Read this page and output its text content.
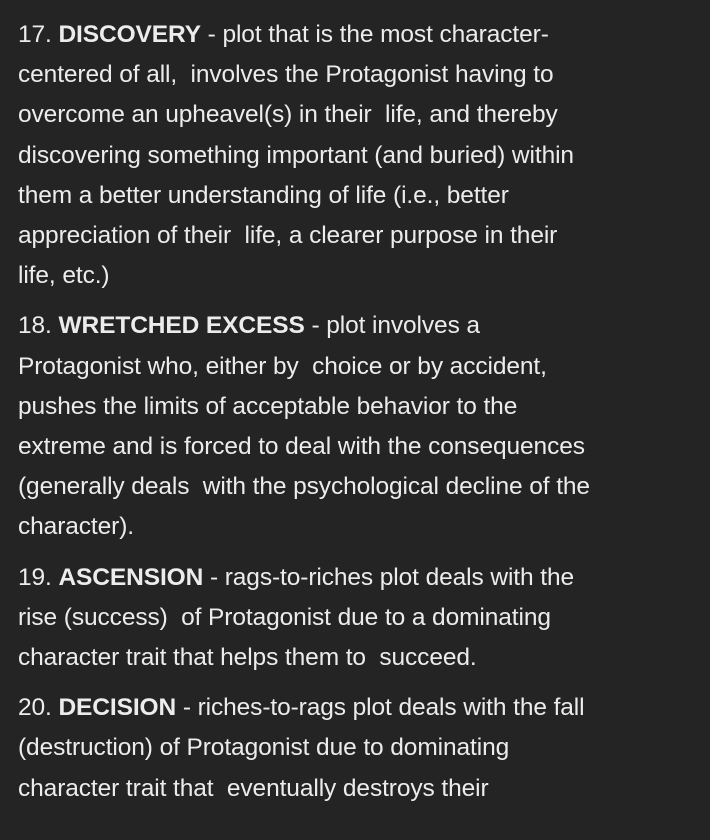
17. DISCOVERY - plot that is the most character-
centered of all,  involves the Protagonist having to
overcome an upheavel(s) in their  life, and thereby
discovering something important (and buried) within
them a better understanding of life (i.e., better
appreciation of their  life, a clearer purpose in their
life, etc.)

18. WRETCHED EXCESS - plot involves a
Protagonist who, either by  choice or by accident,
pushes the limits of acceptable behavior to the
extreme and is forced to deal with the consequences
(generally deals  with the psychological decline of the
character).

19. ASCENSION - rags-to-riches plot deals with the
rise (success)  of Protagonist due to a dominating
character trait that helps them to  succeed.

20. DECISION - riches-to-rags plot deals with the fall
(destruction) of Protagonist due to dominating
character trait that  eventually destroys their
